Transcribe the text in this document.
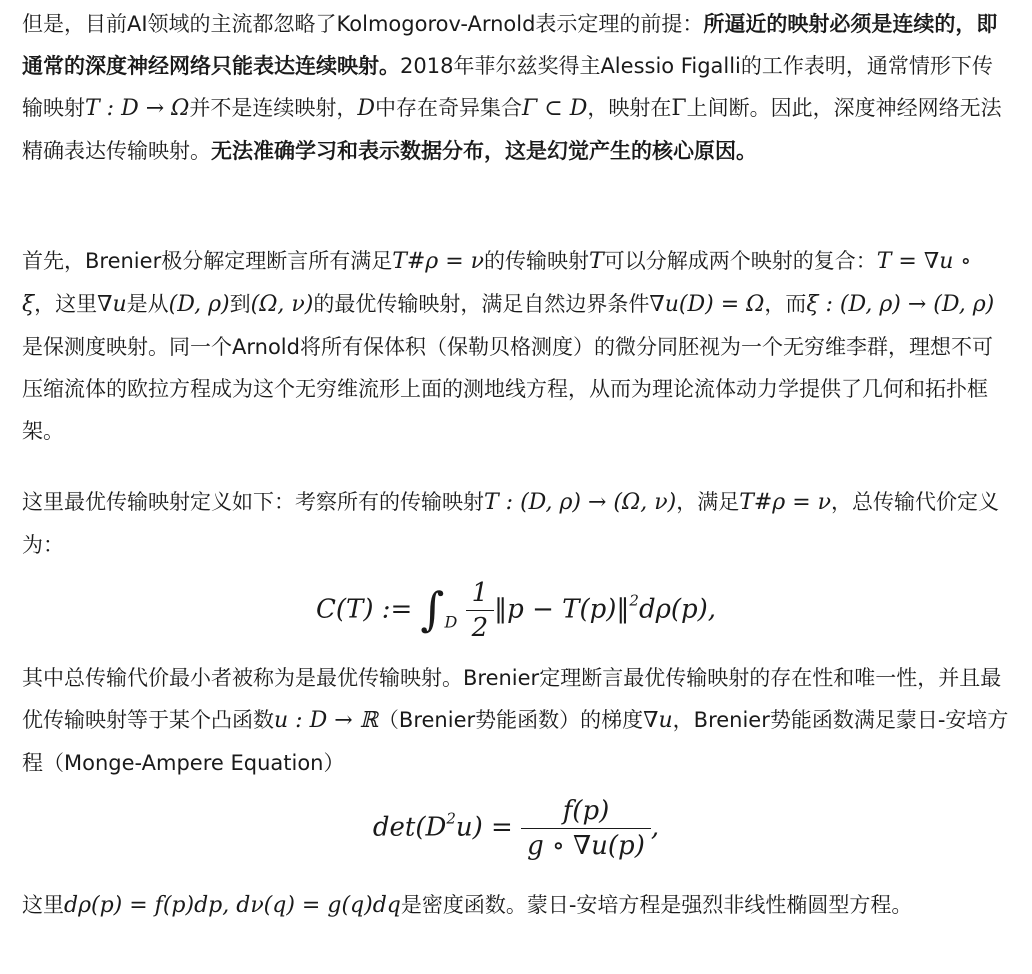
但是，目前AI领域的主流都忽略了Kolmogorov-Arnold表示定理的前提：所逼近的映射必须是连续的，即通常的深度神经网络只能表达连续映射。2018年菲尔兹奖得主Alessio Figalli的工作表明，通常情形下传输映射T : D → Ω并不是连续映射，D中存在奇异集合Γ ⊂ D，映射在Γ上间断。因此，深度神经网络无法精确表达传输映射。无法准确学习和表示数据分布，这是幻觉产生的核心原因。

首先，Brenier极分解定理断言所有满足T#ρ = ν的传输映射T可以分解成两个映射的复合：T = ∇u ∘ ξ，这里∇u是从(D, ρ)到(Ω, ν)的最优传输映射，满足自然边界条件∇u(D) = Ω，而ξ : (D, ρ) → (D, ρ)是保测度映射。同一个Arnold将所有保体积（保勒贝格测度）的微分同胚视为一个无穷维李群，理想不可压缩流体的欧拉方程成为这个无穷维流形上面的测地线方程，从而为理论流体动力学提供了几何和拓扑框架。

这里最优传输映射定义如下：考察所有的传输映射T : (D, ρ) → (Ω, ν)，满足T#ρ = ν，总传输代价定义为：

C(T) := $\int_D \frac{1}{2}$ ‖p − T(p)‖$^2$dρ(p),

其中总传输代价最小者被称为是最优传输映射。Brenier定理断言最优传输映射的存在性和唯一性，并且最优传输映射等于某个凸函数u : D → ℝ（Brenier势能函数）的梯度∇u，Brenier势能函数满足蒙日-安培方程（Monge-Ampere Equation）

$\det(D^2u) = \frac{f(p)}{g \circ \nabla u(p)}$ ,

这里dρ(p) = f(p)dp, dν(q) = g(q)dq是密度函数。蒙日-安培方程是强烈非线性椭圆型方程。
